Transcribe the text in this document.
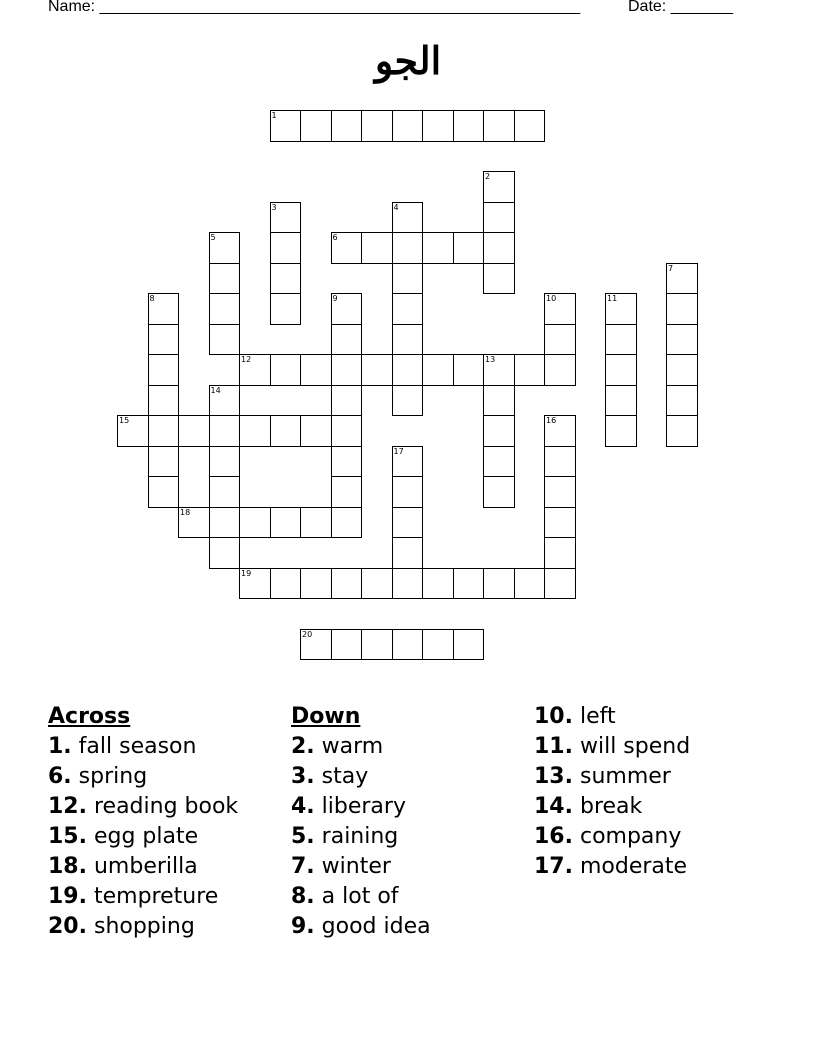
Name: ______________________________________________________	Date: _______
الجو
1
2
3	4
5	6
7
8	9	10	11
12	13
14
15	16
17
18
19
20
Across
1. fall season
6. spring
12. reading book
15. egg plate
18. umberilla
19. tempreture
20. shopping
Down
2. warm
3. stay
4. liberary
5. raining
7. winter
8. a lot of
9. good idea
10. left
11. will spend
13. summer
14. break
16. company
17. moderate
